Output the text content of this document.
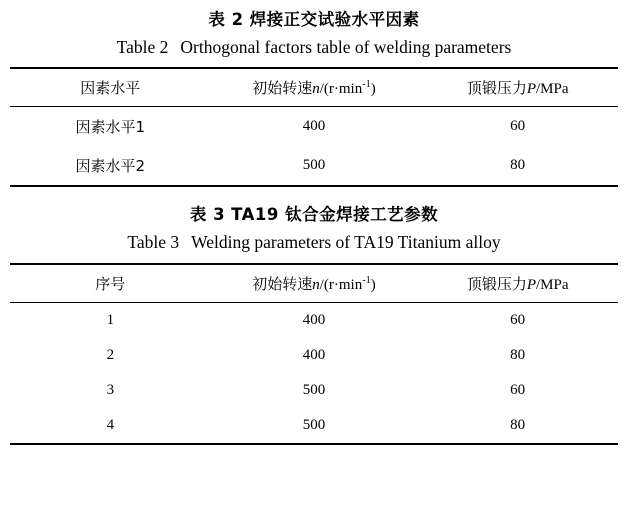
表 2 焊接正交试验水平因素
Table 2 Orthogonal factors table of welding parameters
因素水平	初始转速$n/(r\cdot\min^{-1})$	顶锻压力P/MPa
因素水平1	400	60
因素水平2	500	80
表 3 TA19 钛合金焊接工艺参数
Table 3 Welding parameters of TA19 Titanium alloy
序号	初始转速$n/(r\cdot\min^{-1})$	顶锻压力P/MPa
1	400	60
2	400	80
3	500	60
4	500	80
